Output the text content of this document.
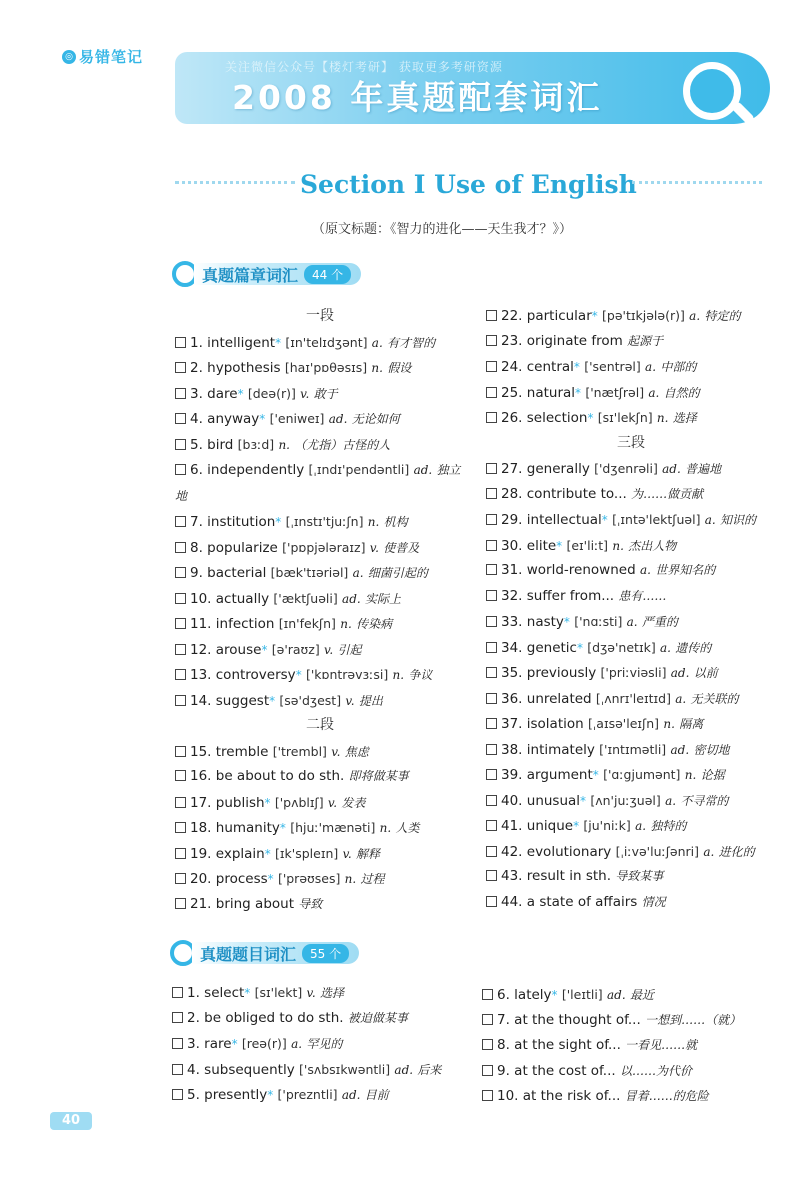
◎ 易错笔记
关注微信公众号【楼灯考研】 获取更多考研资源
2008 年真题配套词汇
Section Ⅰ Use of English
（原文标题：《智力的进化——天生我才？》）
真题篇章词汇	44 个
一段
1. intelligent* [ɪn'telɪdʒənt] a. 有才智的
2. hypothesis [haɪ'pɒθəsɪs] n. 假设
3. dare* [deə(r)] v. 敢于
4. anyway* ['eniweɪ] ad. 无论如何
5. bird [bɜːd] n. （尤指）古怪的人
6. independently [ˌɪndɪ'pendəntli] ad. 独立地
7. institution* [ˌɪnstɪ'tjuːʃn] n. 机构
8. popularize ['pɒpjələraɪz] v. 使普及
9. bacterial [bæk'tɪəriəl] a. 细菌引起的
10. actually ['æktʃuəli] ad. 实际上
11. infection [ɪn'fekʃn] n. 传染病
12. arouse* [ə'raʊz] v. 引起
13. controversy* ['kɒntrəvɜːsi] n. 争议
14. suggest* [sə'dʒest] v. 提出
二段
15. tremble ['trembl] v. 焦虑
16. be about to do sth. 即将做某事
17. publish* ['pʌblɪʃ] v. 发表
18. humanity* [hjuː'mænəti] n. 人类
19. explain* [ɪk'spleɪn] v. 解释
20. process* ['prəʊses] n. 过程
21. bring about 导致
22. particular* [pə'tɪkjələ(r)] a. 特定的
23. originate from 起源于
24. central* ['sentrəl] a. 中部的
25. natural* ['nætʃrəl] a. 自然的
26. selection* [sɪ'lekʃn] n. 选择
三段
27. generally ['dʒenrəli] ad. 普遍地
28. contribute to... 为……做贡献
29. intellectual* [ˌɪntə'lektʃuəl] a. 知识的
30. elite* [eɪ'liːt] n. 杰出人物
31. world-renowned a. 世界知名的
32. suffer from... 患有……
33. nasty* ['nɑːsti] a. 严重的
34. genetic* [dʒə'netɪk] a. 遗传的
35. previously ['priːviəsli] ad. 以前
36. unrelated [ˌʌnrɪ'leɪtɪd] a. 无关联的
37. isolation [ˌaɪsə'leɪʃn] n. 隔离
38. intimately ['ɪntɪmətli] ad. 密切地
39. argument* ['ɑːgjumənt] n. 论据
40. unusual* [ʌn'juːʒuəl] a. 不寻常的
41. unique* [ju'niːk] a. 独特的
42. evolutionary [ˌiːvə'luːʃənri] a. 进化的
43. result in sth. 导致某事
44. a state of affairs 情况
真题题目词汇	55 个
1. select* [sɪ'lekt] v. 选择
2. be obliged to do sth. 被迫做某事
3. rare* [reə(r)] a. 罕见的
4. subsequently ['sʌbsɪkwəntli] ad. 后来
5. presently* ['prezntli] ad. 目前
6. lately* ['leɪtli] ad. 最近
7. at the thought of... 一想到……（就）
8. at the sight of... 一看见……就
9. at the cost of... 以……为代价
10. at the risk of... 冒着……的危险
40
